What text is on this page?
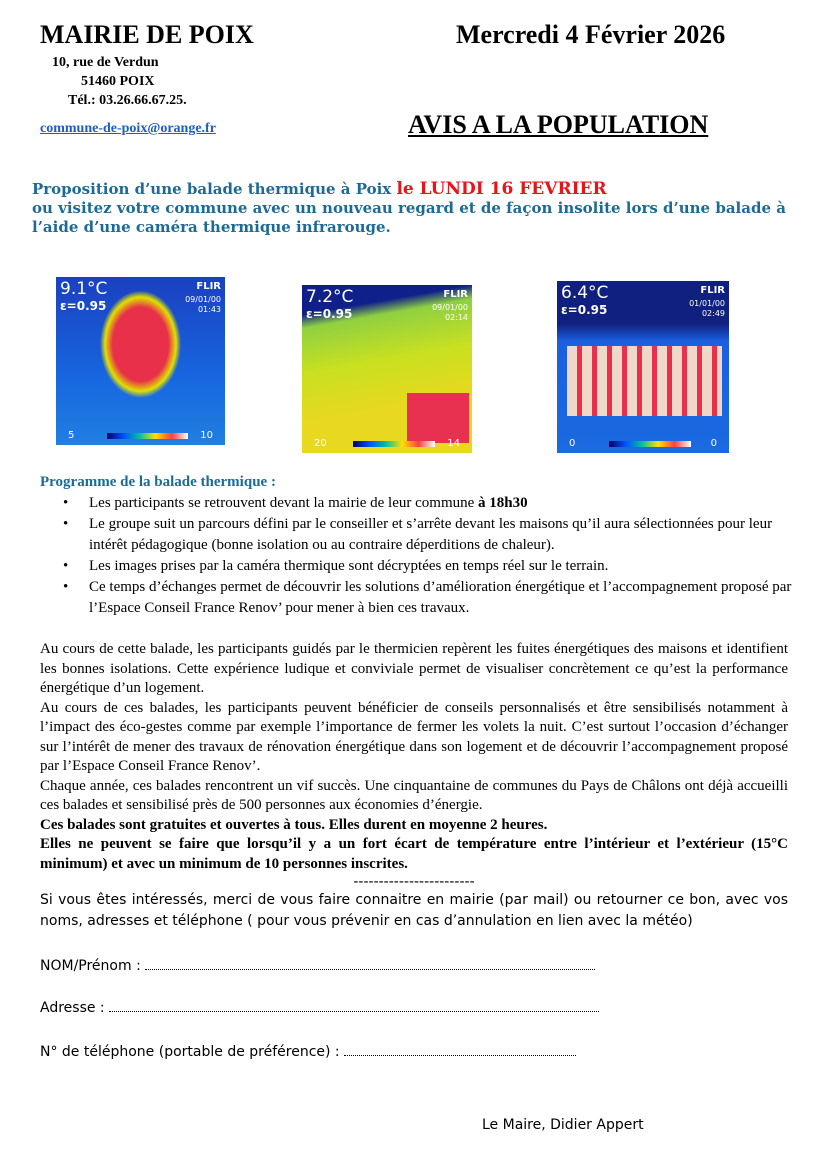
MAIRIE DE POIX	Mercredi 4 Février 2026
10, rue de Verdun
51460 POIX
Tél.: 03.26.66.67.25.
commune-de-poix@orange.fr	AVIS A LA POPULATION
Proposition d’une balade thermique à Poix le LUNDI 16 FEVRIER
ou visitez votre commune avec un nouveau regard et de façon insolite lors d’une balade à l’aide d’une caméra thermique infrarouge.
9.1°C
ε=0.95
FLIR
09/01/00
01:43
5	10
7.2°C
ε=0.95
FLIR
09/01/00
02:14
20	14
6.4°C
ε=0.95
FLIR
01/01/00
02:49
0	0
Programme de la balade thermique :
• Les participants se retrouvent devant la mairie de leur commune à 18h30
• Le groupe suit un parcours défini par le conseiller et s’arrête devant les maisons qu’il aura sélectionnées pour leur intérêt pédagogique (bonne isolation ou au contraire déperditions de chaleur).
• Les images prises par la caméra thermique sont décryptées en temps réel sur le terrain.
• Ce temps d’échanges permet de découvrir les solutions d’amélioration énergétique et l’accompagnement proposé par l’Espace Conseil France Renov’ pour mener à bien ces travaux.
Au cours de cette balade, les participants guidés par le thermicien repèrent les fuites énergétiques des maisons et identifient les bonnes isolations. Cette expérience ludique et conviviale permet de visualiser concrètement ce qu’est la performance énergétique d’un logement.
Au cours de ces balades, les participants peuvent bénéficier de conseils personnalisés et être sensibilisés notamment à l’impact des éco-gestes comme par exemple l’importance de fermer les volets la nuit. C’est surtout l’occasion d’échanger sur l’intérêt de mener des travaux de rénovation énergétique dans son logement et de découvrir l’accompagnement proposé par l’Espace Conseil France Renov’.
Chaque année, ces balades rencontrent un vif succès. Une cinquantaine de communes du Pays de Châlons ont déjà accueilli ces balades et sensibilisé près de 500 personnes aux économies d’énergie.
Ces balades sont gratuites et ouvertes à tous. Elles durent en moyenne 2 heures.
Elles ne peuvent se faire que lorsqu’il y a un fort écart de température entre l’intérieur et l’extérieur (15°C minimum) et avec un minimum de 10 personnes inscrites.
------------------------
Si vous êtes intéressés, merci de vous faire connaitre en mairie (par mail) ou retourner ce bon, avec vos noms, adresses et téléphone ( pour vous prévenir en cas d’annulation en lien avec la météo)
NOM/Prénom :
Adresse :
N° de téléphone (portable de préférence) :
Le Maire, Didier Appert
